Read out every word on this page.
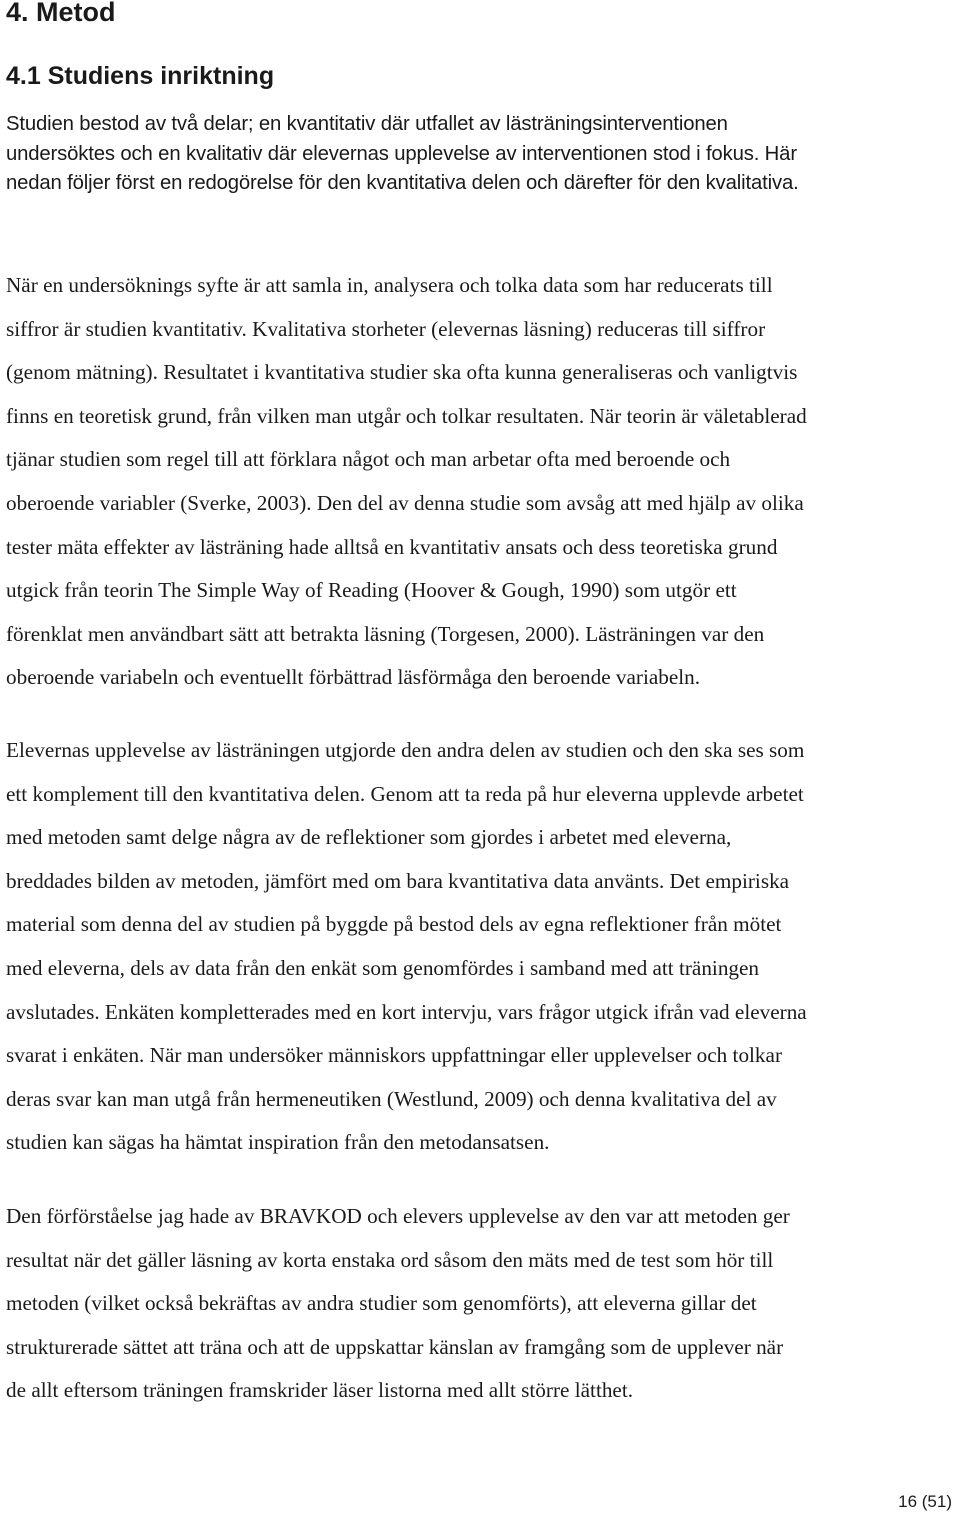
4. Metod
4.1 Studiens inriktning
Studien bestod av två delar; en kvantitativ där utfallet av lästräningsinterventionen
undersöktes och en kvalitativ där elevernas upplevelse av interventionen stod i fokus. Här
nedan följer först en redogörelse för den kvantitativa delen och därefter för den kvalitativa.
När en undersöknings syfte är att samla in, analysera och tolka data som har reducerats till
siffror är studien kvantitativ. Kvalitativa storheter (elevernas läsning) reduceras till siffror
(genom mätning). Resultatet i kvantitativa studier ska ofta kunna generaliseras och vanligtvis
finns en teoretisk grund, från vilken man utgår och tolkar resultaten. När teorin är väletablerad
tjänar studien som regel till att förklara något och man arbetar ofta med beroende och
oberoende variabler (Sverke, 2003). Den del av denna studie som avsåg att med hjälp av olika
tester mäta effekter av lästräning hade alltså en kvantitativ ansats och dess teoretiska grund
utgick från teorin The Simple Way of Reading (Hoover & Gough, 1990) som utgör ett
förenklat men användbart sätt att betrakta läsning (Torgesen, 2000). Lästräningen var den
oberoende variabeln och eventuellt förbättrad läsförmåga den beroende variabeln.
Elevernas upplevelse av lästräningen utgjorde den andra delen av studien och den ska ses som
ett komplement till den kvantitativa delen. Genom att ta reda på hur eleverna upplevde arbetet
med metoden samt delge några av de reflektioner som gjordes i arbetet med eleverna,
breddades bilden av metoden, jämfört med om bara kvantitativa data använts. Det empiriska
material som denna del av studien på byggde på bestod dels av egna reflektioner från mötet
med eleverna, dels av data från den enkät som genomfördes i samband med att träningen
avslutades. Enkäten kompletterades med en kort intervju, vars frågor utgick ifrån vad eleverna
svarat i enkäten. När man undersöker människors uppfattningar eller upplevelser och tolkar
deras svar kan man utgå från hermeneutiken (Westlund, 2009) och denna kvalitativa del av
studien kan sägas ha hämtat inspiration från den metodansatsen.
Den förförståelse jag hade av BRAVKOD och elevers upplevelse av den var att metoden ger
resultat när det gäller läsning av korta enstaka ord såsom den mäts med de test som hör till
metoden (vilket också bekräftas av andra studier som genomförts), att eleverna gillar det
strukturerade sättet att träna och att de uppskattar känslan av framgång som de upplever när
de allt eftersom träningen framskrider läser listorna med allt större lätthet.
16 (51)
